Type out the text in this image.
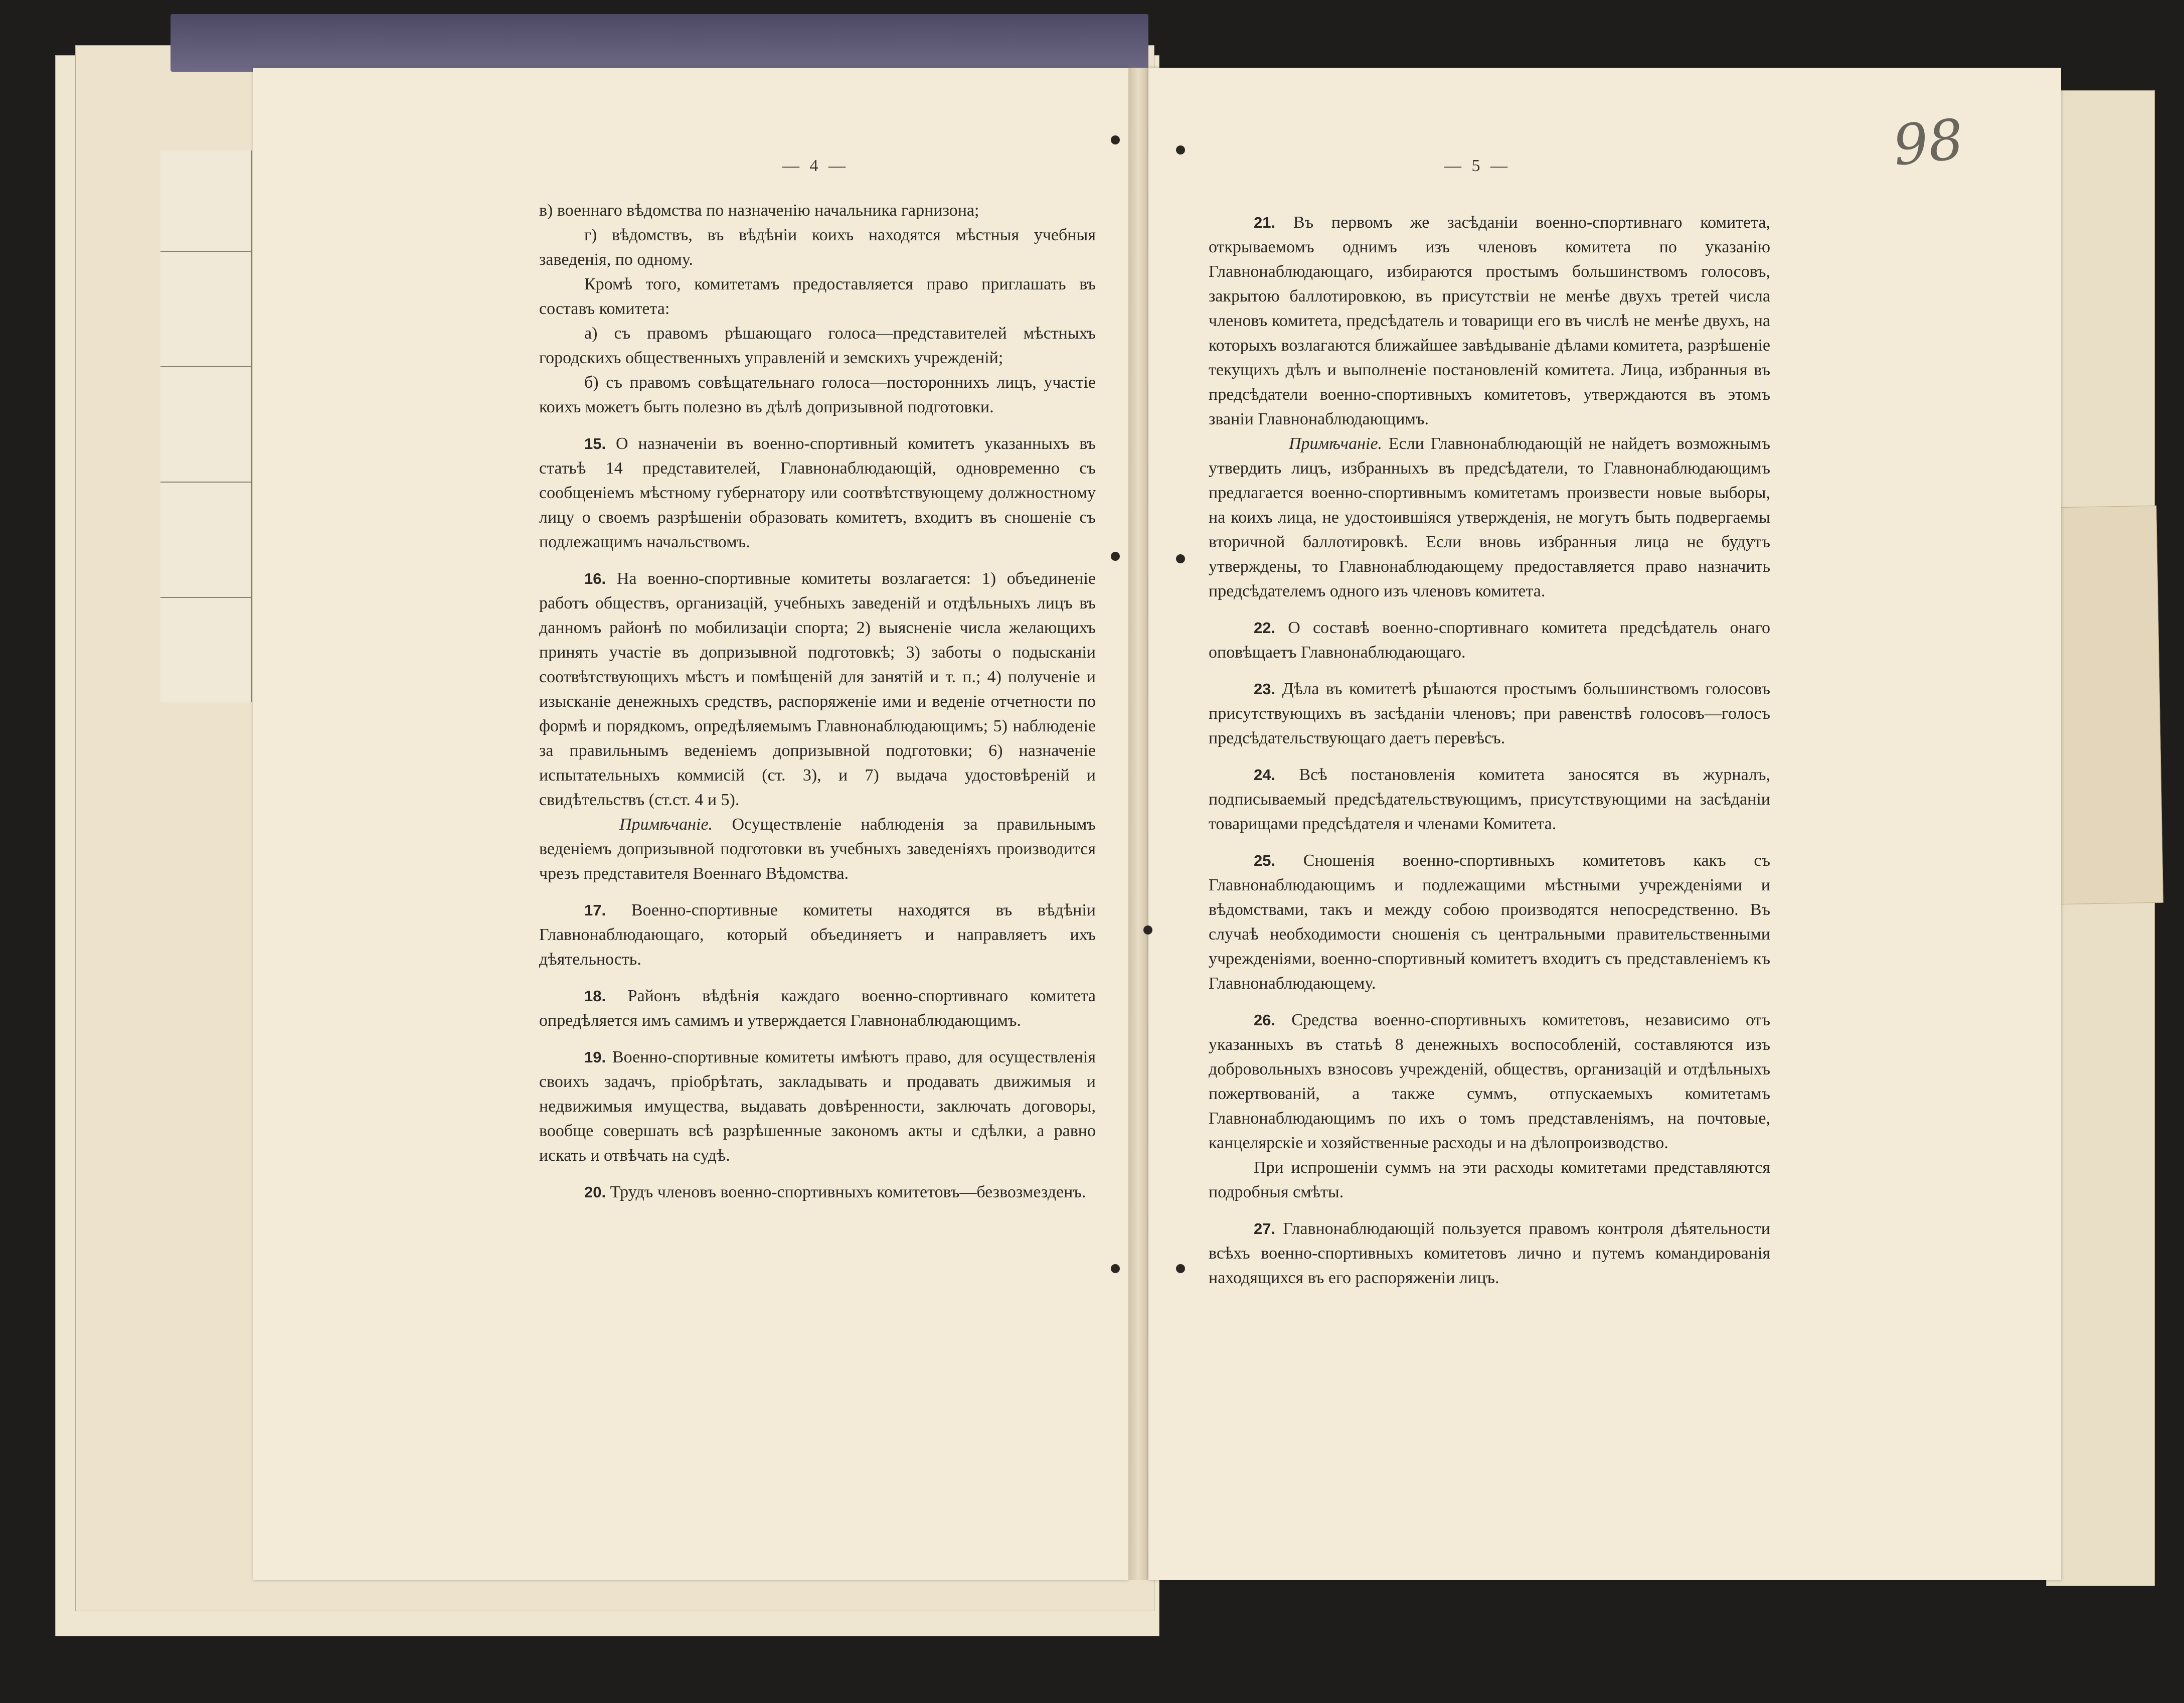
— 4 —	— 5 —	98

в) военнаго вѣдомства по назначенію начальника гарнизона;

г) вѣдомствъ, въ вѣдѣніи коихъ находятся мѣстныя учебныя заведенія, по одному.

Кромѣ того, комитетамъ предоставляется право приглашать въ составъ комитета:

а) съ правомъ рѣшающаго голоса—представителей мѣстныхъ городскихъ общественныхъ управленій и земскихъ учрежденій;

б) съ правомъ совѣщательнаго голоса—постороннихъ лицъ, участіе коихъ можетъ быть полезно въ дѣлѣ допризывной подготовки.

15. О назначеніи въ военно-спортивный комитетъ указанныхъ въ статьѣ 14 представителей, Главнонаблюдающій, одновременно съ сообщеніемъ мѣстному губернатору или соотвѣтствующему должностному лицу о своемъ разрѣшеніи образовать комитетъ, входитъ въ сношеніе съ подлежащимъ начальствомъ.

16. На военно-спортивные комитеты возлагается: 1) объединеніе работъ обществъ, организацій, учебныхъ заведеній и отдѣльныхъ лицъ въ данномъ районѣ по мобилизаціи спорта; 2) выясненіе числа желающихъ принять участіе въ допризывной подготовкѣ; 3) заботы о подысканіи соотвѣтствующихъ мѣстъ и помѣщеній для занятій и т. п.; 4) полученіе и изысканіе денежныхъ средствъ, распоряженіе ими и веденіе отчетности по формѣ и порядкомъ, опредѣляемымъ Главнонаблюдающимъ; 5) наблюденіе за правильнымъ веденіемъ допризывной подготовки; 6) назначеніе испытательныхъ коммисій (ст. 3), и 7) выдача удостовѣреній и свидѣтельствъ (ст.ст. 4 и 5).

Примѣчаніе. Осуществленіе наблюденія за правильнымъ веденіемъ допризывной подготовки въ учебныхъ заведеніяхъ производится чрезъ представителя Военнаго Вѣдомства.

17. Военно-спортивные комитеты находятся въ вѣдѣніи Главнонаблюдающаго, который объединяетъ и направляетъ ихъ дѣятельность.

18. Районъ вѣдѣнія каждаго военно-спортивнаго комитета опредѣляется имъ самимъ и утверждается Главнонаблюдающимъ.

19. Военно-спортивные комитеты имѣютъ право, для осуществленія своихъ задачъ, пріобрѣтать, закладывать и продавать движимыя и недвижимыя имущества, выдавать довѣренности, заключать договоры, вообще совершать всѣ разрѣшенные закономъ акты и сдѣлки, а равно искать и отвѣчать на судѣ.

20. Трудъ членовъ военно-спортивныхъ комитетовъ—безвозмезденъ.

21. Въ первомъ же засѣданіи военно-спортивнаго комитета, открываемомъ однимъ изъ членовъ комитета по указанію Главнонаблюдающаго, избираются простымъ большинствомъ голосовъ, закрытою баллотировкою, въ присутствіи не менѣе двухъ третей числа членовъ комитета, предсѣдатель и товарищи его въ числѣ не менѣе двухъ, на которыхъ возлагаются ближайшее завѣдываніе дѣлами комитета, разрѣшеніе текущихъ дѣлъ и выполненіе постановленій комитета. Лица, избранныя въ предсѣдатели военно-спортивныхъ комитетовъ, утверждаются въ этомъ званіи Главнонаблюдающимъ.

Примѣчаніе. Если Главнонаблюдающій не найдетъ возможнымъ утвердить лицъ, избранныхъ въ предсѣдатели, то Главнонаблюдающимъ предлагается военно-спортивнымъ комитетамъ произвести новые выборы, на коихъ лица, не удостоившіяся утвержденія, не могутъ быть подвергаемы вторичной баллотировкѣ. Если вновь избранныя лица не будутъ утверждены, то Главнонаблюдающему предоставляется право назначить предсѣдателемъ одного изъ членовъ комитета.

22. О составѣ военно-спортивнаго комитета предсѣдатель онаго оповѣщаетъ Главнонаблюдающаго.

23. Дѣла въ комитетѣ рѣшаются простымъ большинствомъ голосовъ присутствующихъ въ засѣданіи членовъ; при равенствѣ голосовъ—голосъ предсѣдательствующаго даетъ перевѣсъ.

24. Всѣ постановленія комитета заносятся въ журналъ, подписываемый предсѣдательствующимъ, присутствующими на засѣданіи товарищами предсѣдателя и членами Комитета.

25. Сношенія военно-спортивныхъ комитетовъ какъ съ Главнонаблюдающимъ и подлежащими мѣстными учрежденіями и вѣдомствами, такъ и между собою производятся непосредственно. Въ случаѣ необходимости сношенія съ центральными правительственными учрежденіями, военно-спортивный комитетъ входитъ съ представленіемъ къ Главнонаблюдающему.

26. Средства военно-спортивныхъ комитетовъ, независимо отъ указанныхъ въ статьѣ 8 денежныхъ воспособленій, составляются изъ добровольныхъ взносовъ учрежденій, обществъ, организацій и отдѣльныхъ пожертвованій, а также суммъ, отпускаемыхъ комитетамъ Главнонаблюдающимъ по ихъ о томъ представленіямъ, на почтовые, канцелярскіе и хозяйственные расходы и на дѣлопроизводство.

При испрошеніи суммъ на эти расходы комитетами представляются подробныя смѣты.

27. Главнонаблюдающій пользуется правомъ контроля дѣятельности всѣхъ военно-спортивныхъ комитетовъ лично и путемъ командированія находящихся въ его распоряженіи лицъ.
